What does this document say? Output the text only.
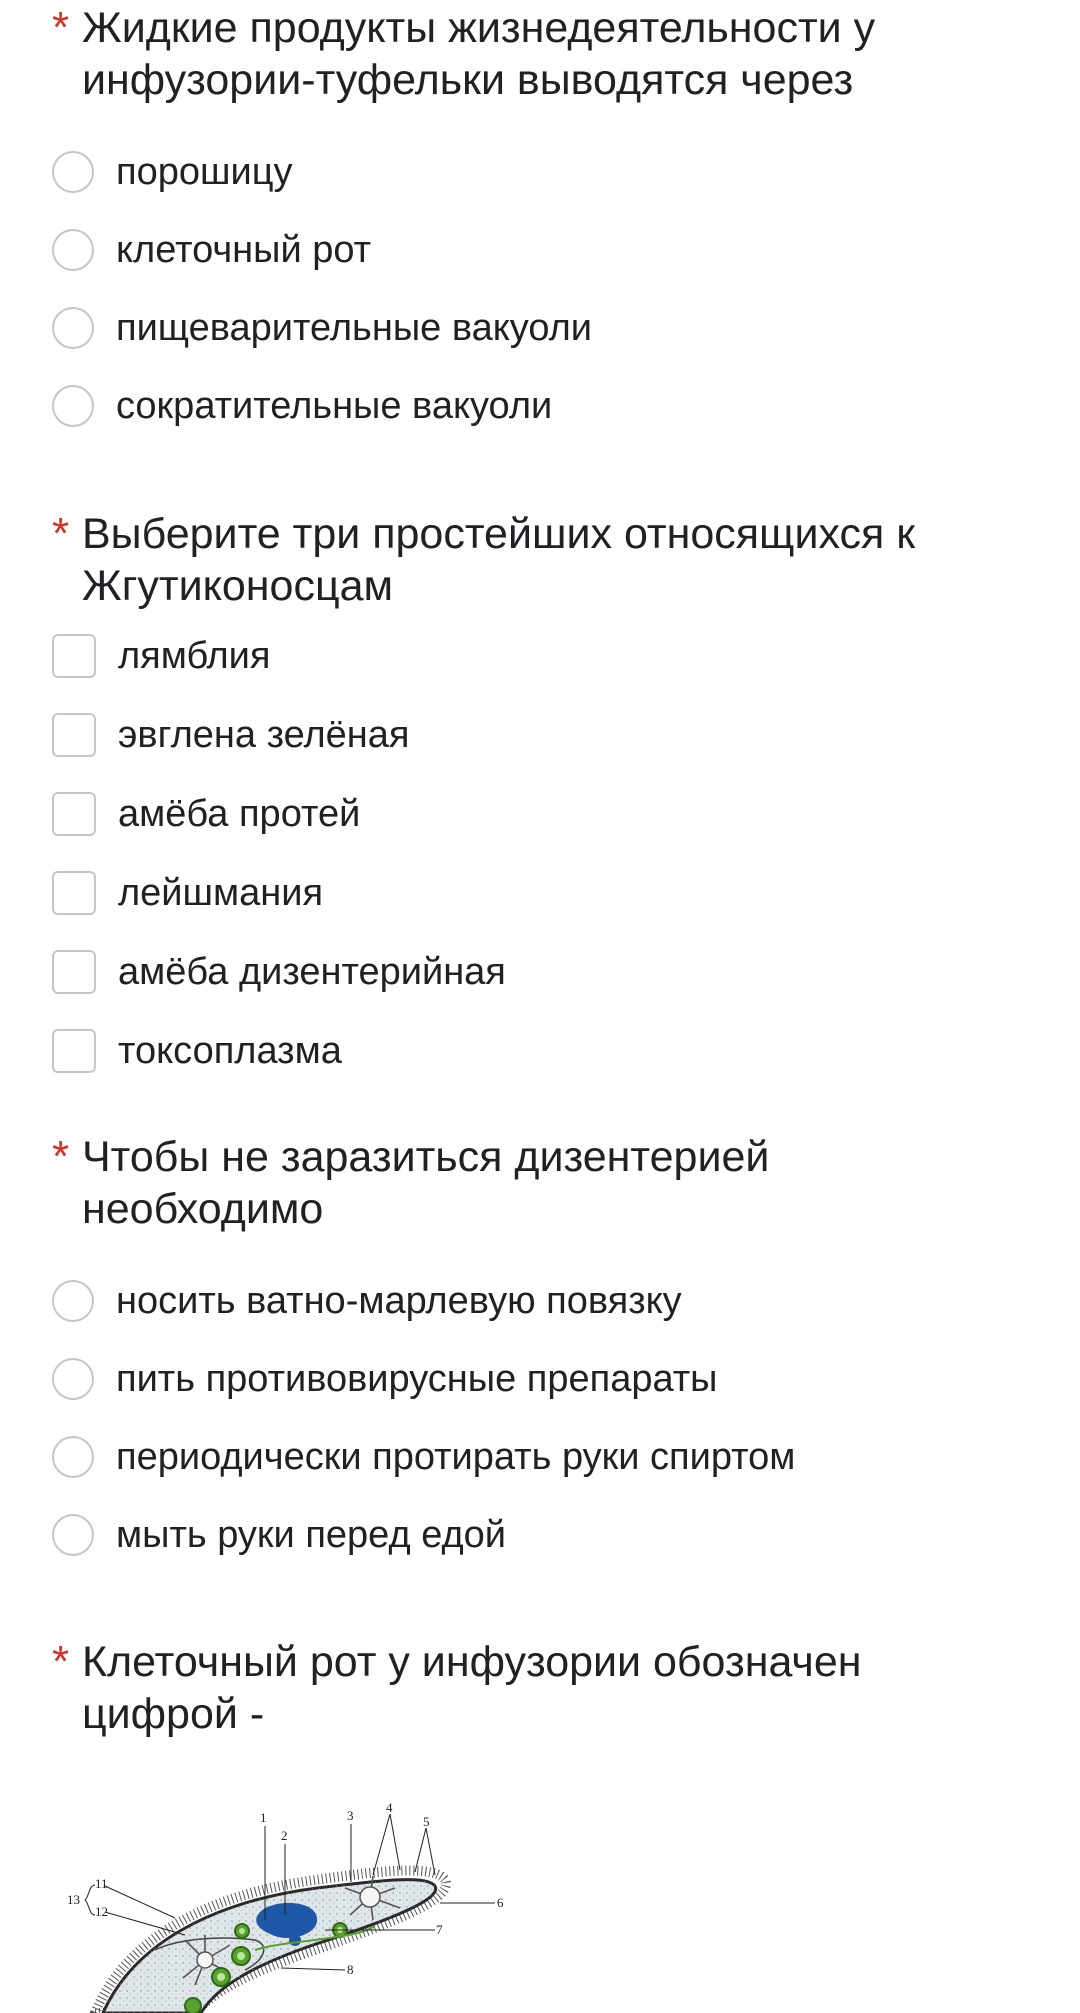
* Жидкие продукты жизнедеятельности у
инфузории-туфельки выводятся через
порошицу
клеточный рот
пищеварительные вакуоли
сократительные вакуоли
* Выберите три простейших относящихся к
Жгутиконосцам
лямблия
эвглена зелёная
амёба протей
лейшмания
амёба дизентерийная
токсоплазма
* Чтобы не заразиться дизентерией
необходимо
носить ватно-марлевую повязку
пить противовирусные препараты
периодически протирать руки спиртом
мыть руки перед едой
* Клеточный рот у инфузории обозначен
цифрой -
1
2
3
4
5
6
7
8
11
12
13
